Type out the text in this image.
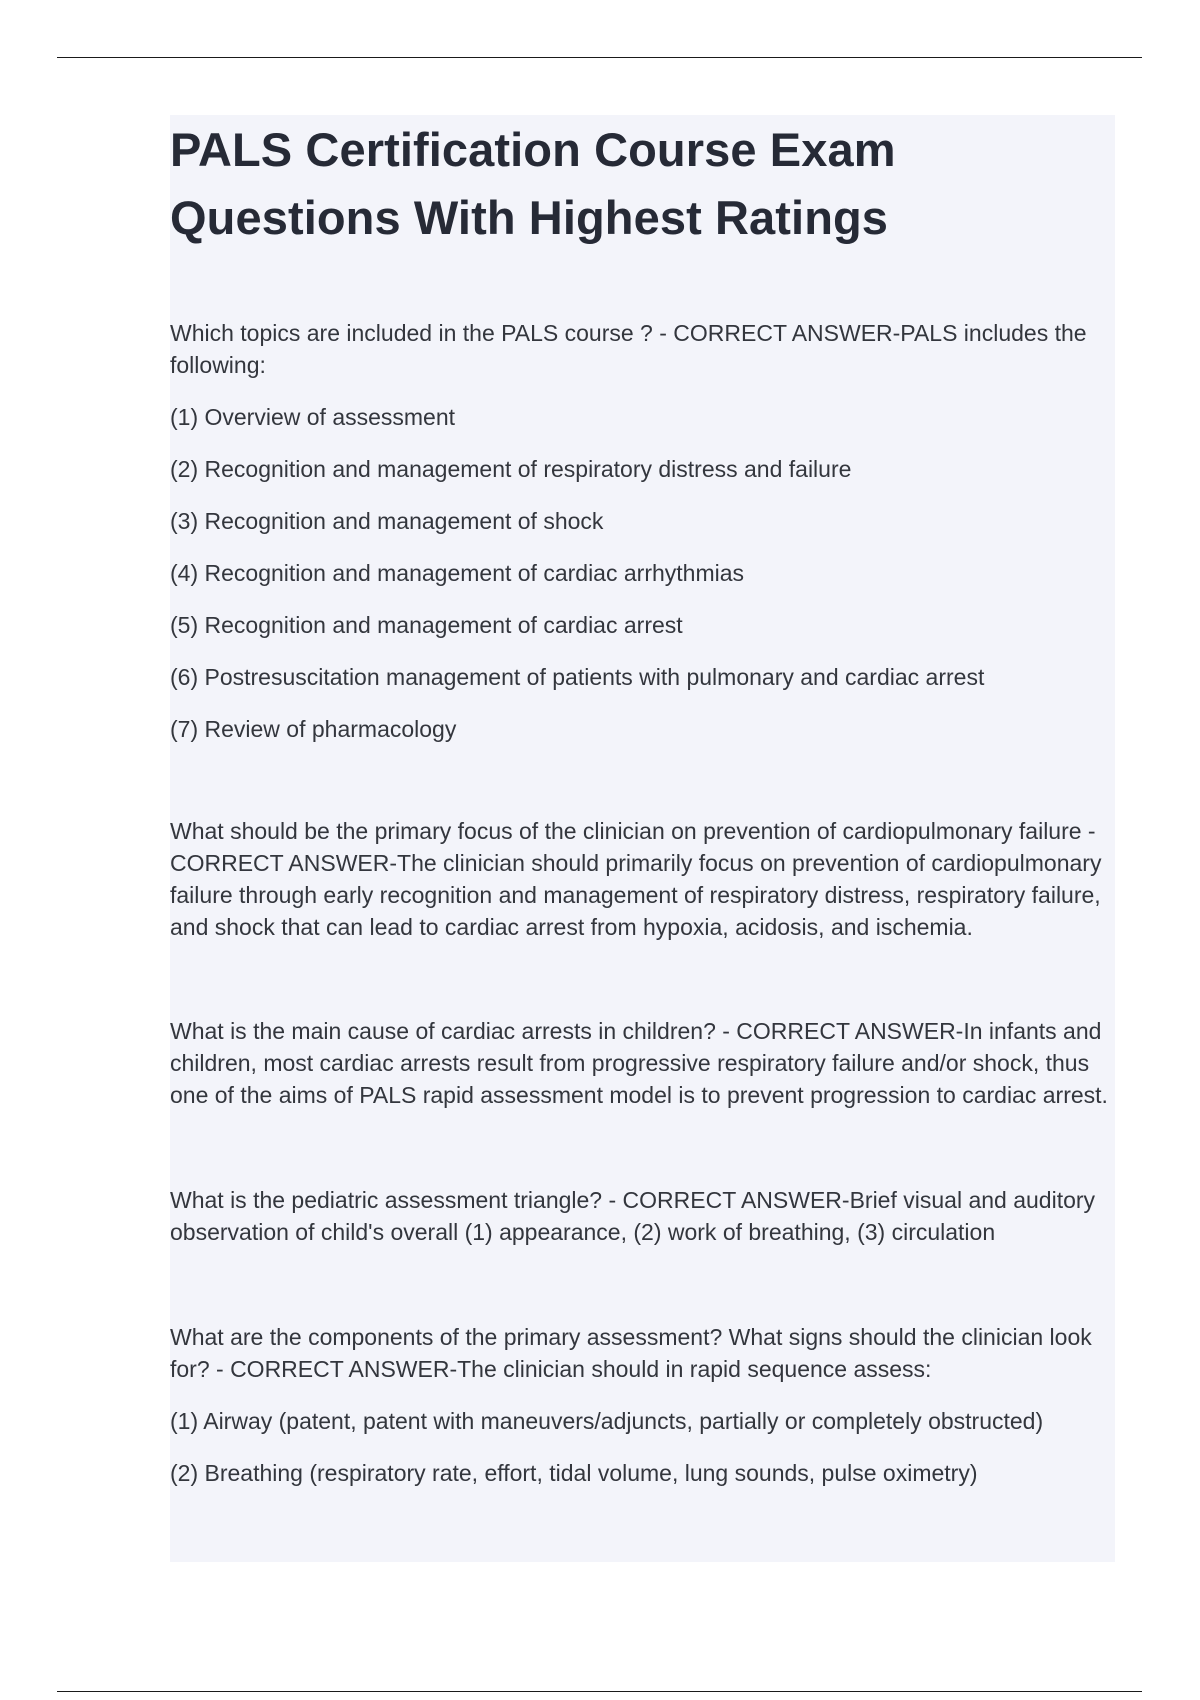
PALS Certification Course Exam Questions With Highest Ratings

Which topics are included in the PALS course ? - CORRECT ANSWER-PALS includes the following:

(1) Overview of assessment

(2) Recognition and management of respiratory distress and failure

(3) Recognition and management of shock

(4) Recognition and management of cardiac arrhythmias

(5) Recognition and management of cardiac arrest

(6) Postresuscitation management of patients with pulmonary and cardiac arrest

(7) Review of pharmacology

What should be the primary focus of the clinician on prevention of cardiopulmonary failure - CORRECT ANSWER-The clinician should primarily focus on prevention of cardiopulmonary failure through early recognition and management of respiratory distress, respiratory failure, and shock that can lead to cardiac arrest from hypoxia, acidosis, and ischemia.

What is the main cause of cardiac arrests in children? - CORRECT ANSWER-In infants and children, most cardiac arrests result from progressive respiratory failure and/or shock, thus one of the aims of PALS rapid assessment model is to prevent progression to cardiac arrest.

What is the pediatric assessment triangle? - CORRECT ANSWER-Brief visual and auditory observation of child's overall (1) appearance, (2) work of breathing, (3) circulation

What are the components of the primary assessment? What signs should the clinician look for? - CORRECT ANSWER-The clinician should in rapid sequence assess:

(1) Airway (patent, patent with maneuvers/adjuncts, partially or completely obstructed)

(2) Breathing (respiratory rate, effort, tidal volume, lung sounds, pulse oximetry)
